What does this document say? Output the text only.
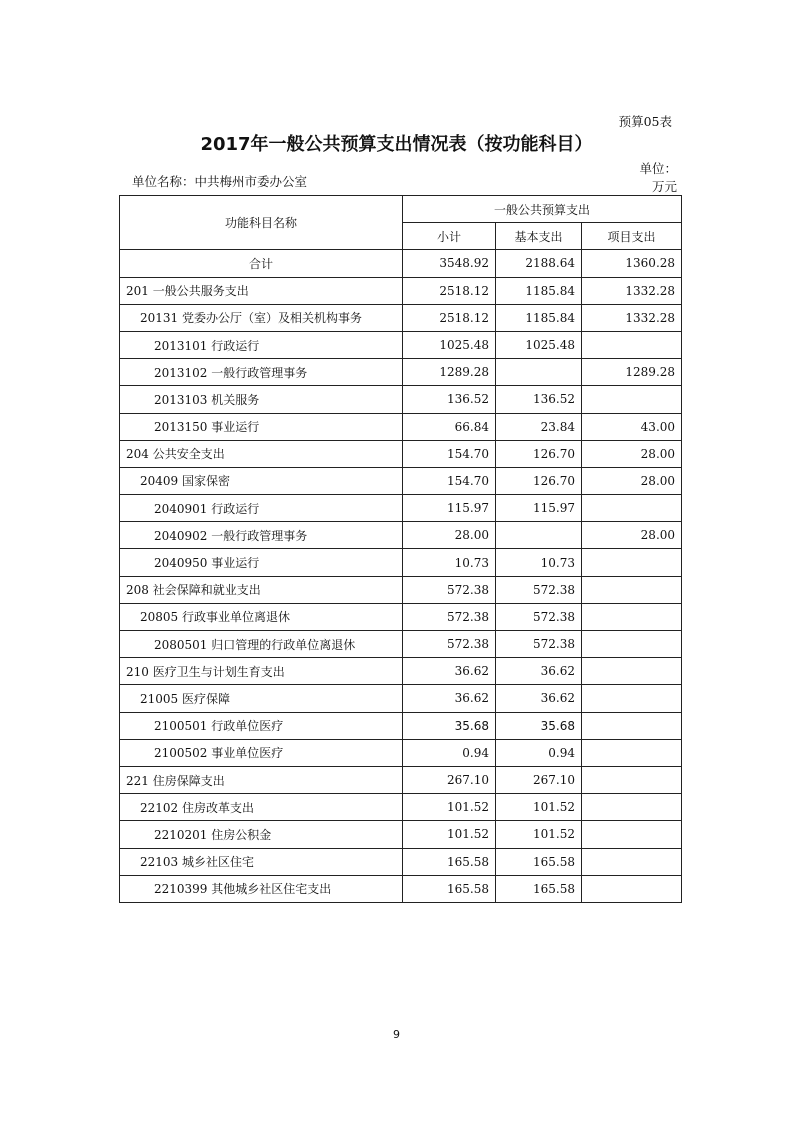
预算05表
2017年一般公共预算支出情况表（按功能科目）
单位名称：中共梅州市委办公室
单位：万元
功能科目名称	一般公共预算支出		
	小计	基本支出	项目支出
合计	3548.92	2188.64	1360.28
201 一般公共服务支出	2518.12	1185.84	1332.28
20131 党委办公厅（室）及相关机构事务	2518.12	1185.84	1332.28
2013101 行政运行	1025.48	1025.48	
2013102 一般行政管理事务	1289.28		1289.28
2013103 机关服务	136.52	136.52	
2013150 事业运行	66.84	23.84	43.00
204 公共安全支出	154.70	126.70	28.00
20409 国家保密	154.70	126.70	28.00
2040901 行政运行	115.97	115.97	
2040902 一般行政管理事务	28.00		28.00
2040950 事业运行	10.73	10.73	
208 社会保障和就业支出	572.38	572.38	
20805 行政事业单位离退休	572.38	572.38	
2080501 归口管理的行政单位离退休	572.38	572.38	
210 医疗卫生与计划生育支出	36.62	36.62	
21005 医疗保障	36.62	36.62	
2100501 行政单位医疗	35.68	35.68	
2100502 事业单位医疗	0.94	0.94	
221 住房保障支出	267.10	267.10	
22102 住房改革支出	101.52	101.52	
2210201 住房公积金	101.52	101.52	
22103 城乡社区住宅	165.58	165.58	
2210399 其他城乡社区住宅支出	165.58	165.58	
9
